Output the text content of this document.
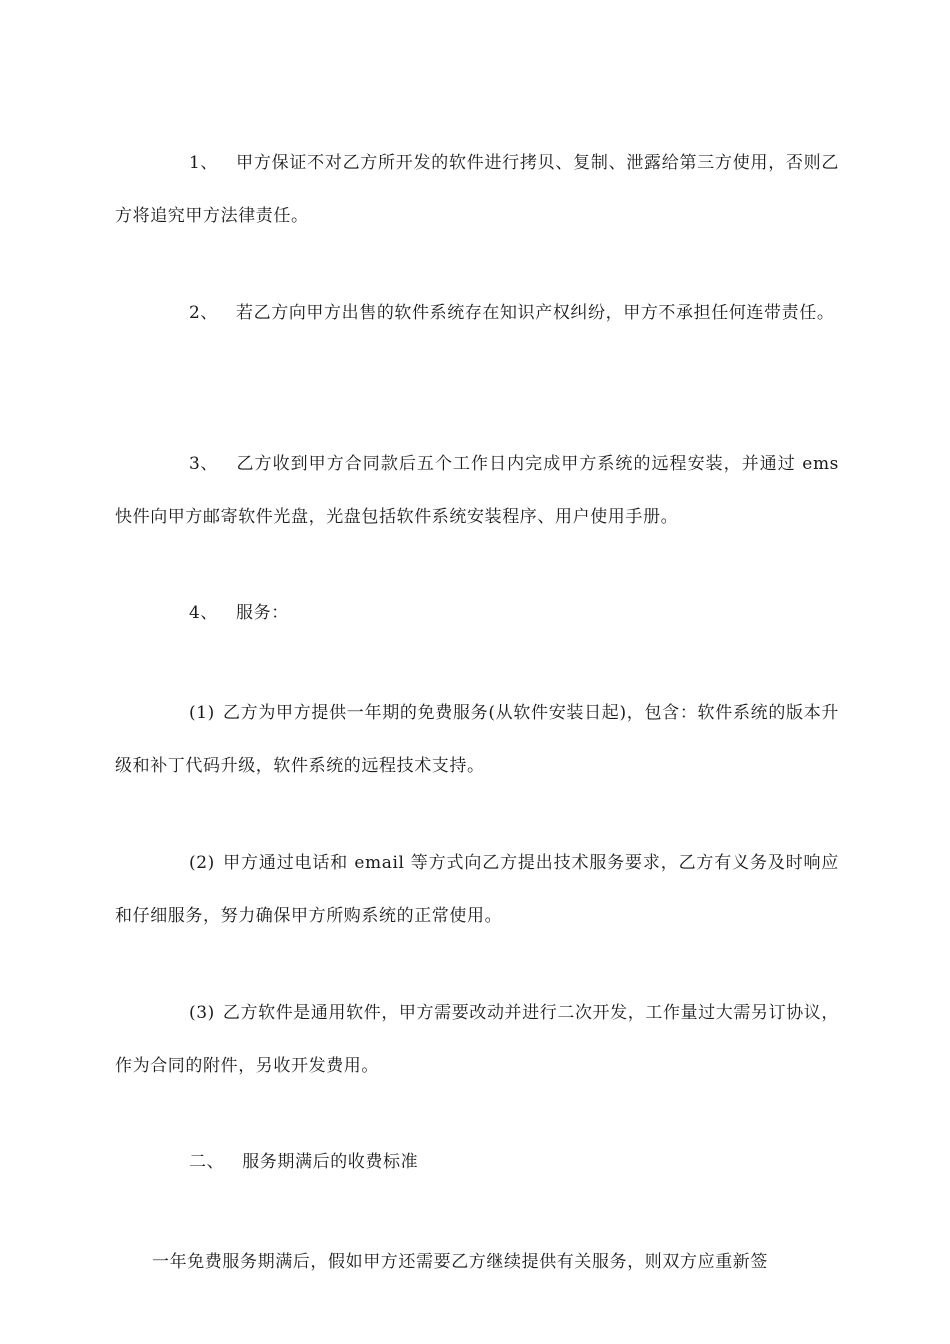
1、 甲方保证不对乙方所开发的软件进行拷贝、复制、泄露给第三方使用，否则乙方将追究甲方法律责任。

2、 若乙方向甲方出售的软件系统存在知识产权纠纷，甲方不承担任何连带责任。

3、 乙方收到甲方合同款后五个工作日内完成甲方系统的远程安装，并通过 ems 快件向甲方邮寄软件光盘，光盘包括软件系统安装程序、用户使用手册。

4、 服务：

(1) 乙方为甲方提供一年期的免费服务(从软件安装日起)，包含：软件系统的版本升级和补丁代码升级，软件系统的远程技术支持。

(2) 甲方通过电话和 email 等方式向乙方提出技术服务要求，乙方有义务及时响应和仔细服务，努力确保甲方所购系统的正常使用。

(3) 乙方软件是通用软件，甲方需要改动并进行二次开发，工作量过大需另订协议，作为合同的附件，另收开发费用。

二、 服务期满后的收费标准

一年免费服务期满后，假如甲方还需要乙方继续提供有关服务，则双方应重新签
